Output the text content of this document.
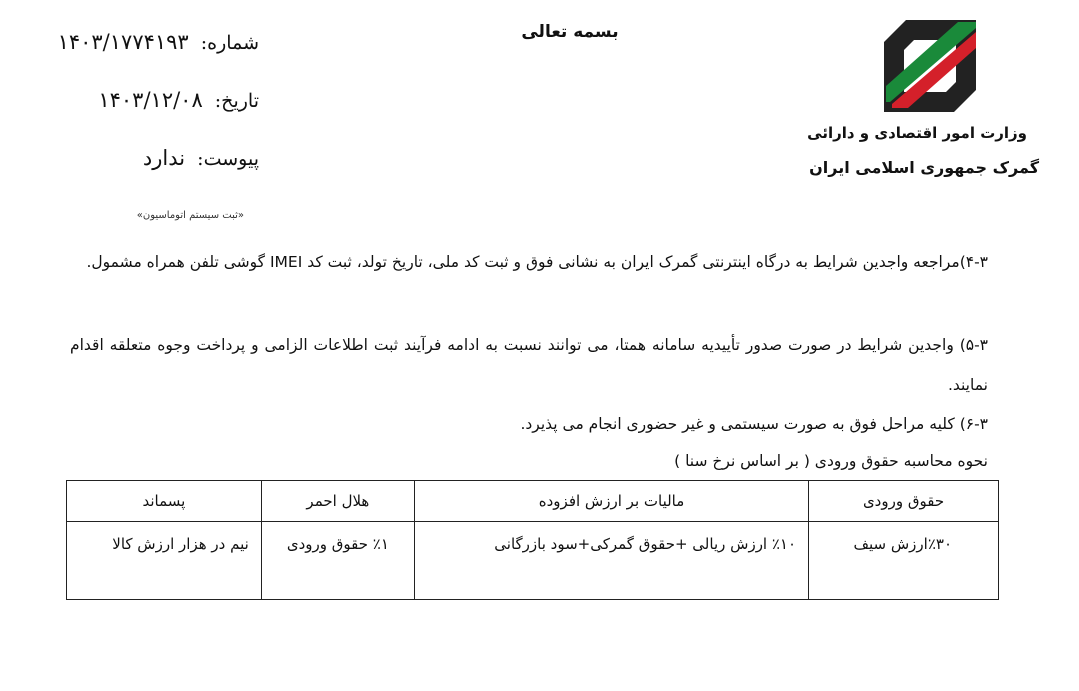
بسمه تعالی
وزارت امور اقتصادی و دارائی
گمرک جمهوری اسلامی ایران
شماره: ۱۴۰۳/۱۷۷۴۱۹۳
تاریخ: ۱۴۰۳/۱۲/۰۸
پیوست: ندارد
«ثبت سیستم اتوماسیون»
۴-۳)مراجعه واجدین شرایط به درگاه اینترنتی گمرک ایران به نشانی فوق و ثبت کد ملی، تاریخ تولد، ثبت کد IMEI گوشی تلفن همراه مشمول.
۵-۳) واجدین شرایط در صورت صدور تأییدیه سامانه همتا، می توانند نسبت به ادامه فرآیند ثبت اطلاعات الزامی و پرداخت وجوه متعلقه اقدام نمایند.
۶-۳) کلیه مراحل فوق به صورت سیستمی و غیر حضوری انجام می پذیرد.
نحوه محاسبه حقوق ورودی ( بر اساس نرخ سنا )
حقوق ورودی	مالیات بر ارزش افزوده	هلال احمر	پسماند
٪۳۰ارزش سیف	٪۱۰ ارزش ریالی +حقوق گمرکی+سود بازرگانی	٪۱ حقوق ورودی	نیم در هزار ارزش کالا
